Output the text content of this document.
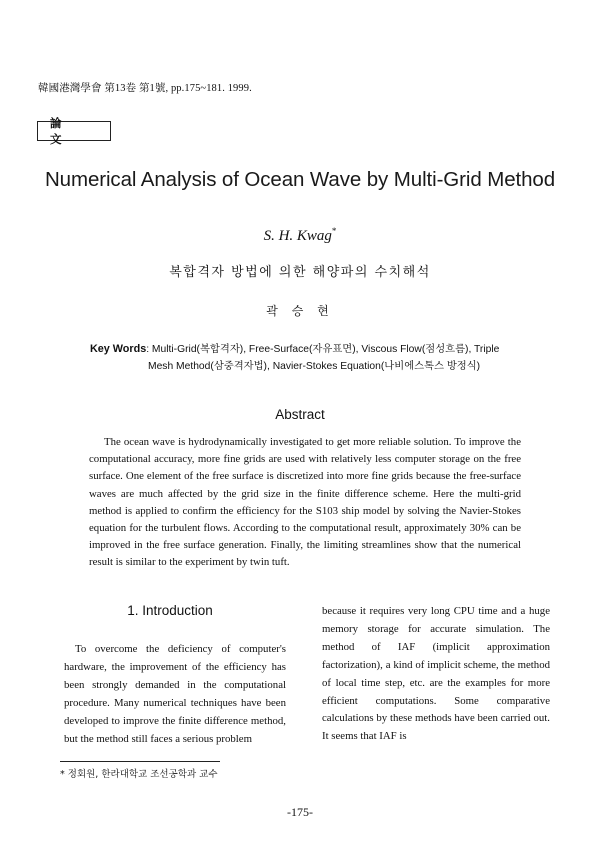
韓國港灣學會 第13卷 第1號, pp.175~181. 1999.
論 文
Numerical Analysis of Ocean Wave by Multi-Grid Method
S. H. Kwag*
복합격자 방법에 의한 해양파의 수치해석
곽 승 현
Key Words: Multi-Grid(복합격자), Free-Surface(자유표면), Viscous Flow(점성흐름), Triple
Mesh Method(삼중격자법), Navier-Stokes Equation(나비에스톡스 방정식)
Abstract

The ocean wave is hydrodynamically investigated to get more reliable solution. To improve the computational accuracy, more fine grids are used with relatively less computer storage on the free surface. One element of the free surface is discretized into more fine grids because the free-surface waves are much affected by the grid size in the finite difference scheme. Here the multi-grid method is applied to confirm the efficiency for the S103 ship model by solving the Navier-Stokes equation for the turbulent flows. According to the computational result, approximately 30% can be improved in the free surface generation. Finally, the limiting streamlines show that the numerical result is similar to the experiment by twin tuft.

1. Introduction

To overcome the deficiency of computer's hardware, the improvement of the efficiency has been strongly demanded in the computational procedure. Many numerical techniques have been developed to improve the finite difference method, but the method still faces a serious problem

because it requires very long CPU time and a huge memory storage for accurate simulation. The method of IAF (implicit approximation factorization), a kind of implicit scheme, the method of local time step, etc. are the examples for more efficient computations. Some comparative calculations by these methods have been carried out. It seems that IAF is

* 정회원, 한라대학교 조선공학과 교수
-175-
